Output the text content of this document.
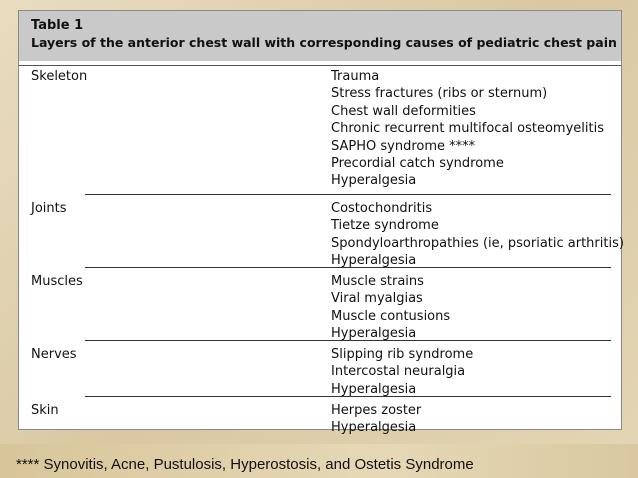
Table 1
Layers of the anterior chest wall with corresponding causes of pediatric chest pain
Skeleton	Trauma
Stress fractures (ribs or sternum)
Chest wall deformities
Chronic recurrent multifocal osteomyelitis
SAPHO syndrome ****
Precordial catch syndrome
Hyperalgesia
Joints	Costochondritis
Tietze syndrome
Spondyloarthropathies (ie, psoriatic arthritis)
Hyperalgesia
Muscles	Muscle strains
Viral myalgias
Muscle contusions
Hyperalgesia
Nerves	Slipping rib syndrome
Intercostal neuralgia
Hyperalgesia
Skin	Herpes zoster
Hyperalgesia
**** Synovitis, Acne, Pustulosis, Hyperostosis, and Ostetis Syndrome
